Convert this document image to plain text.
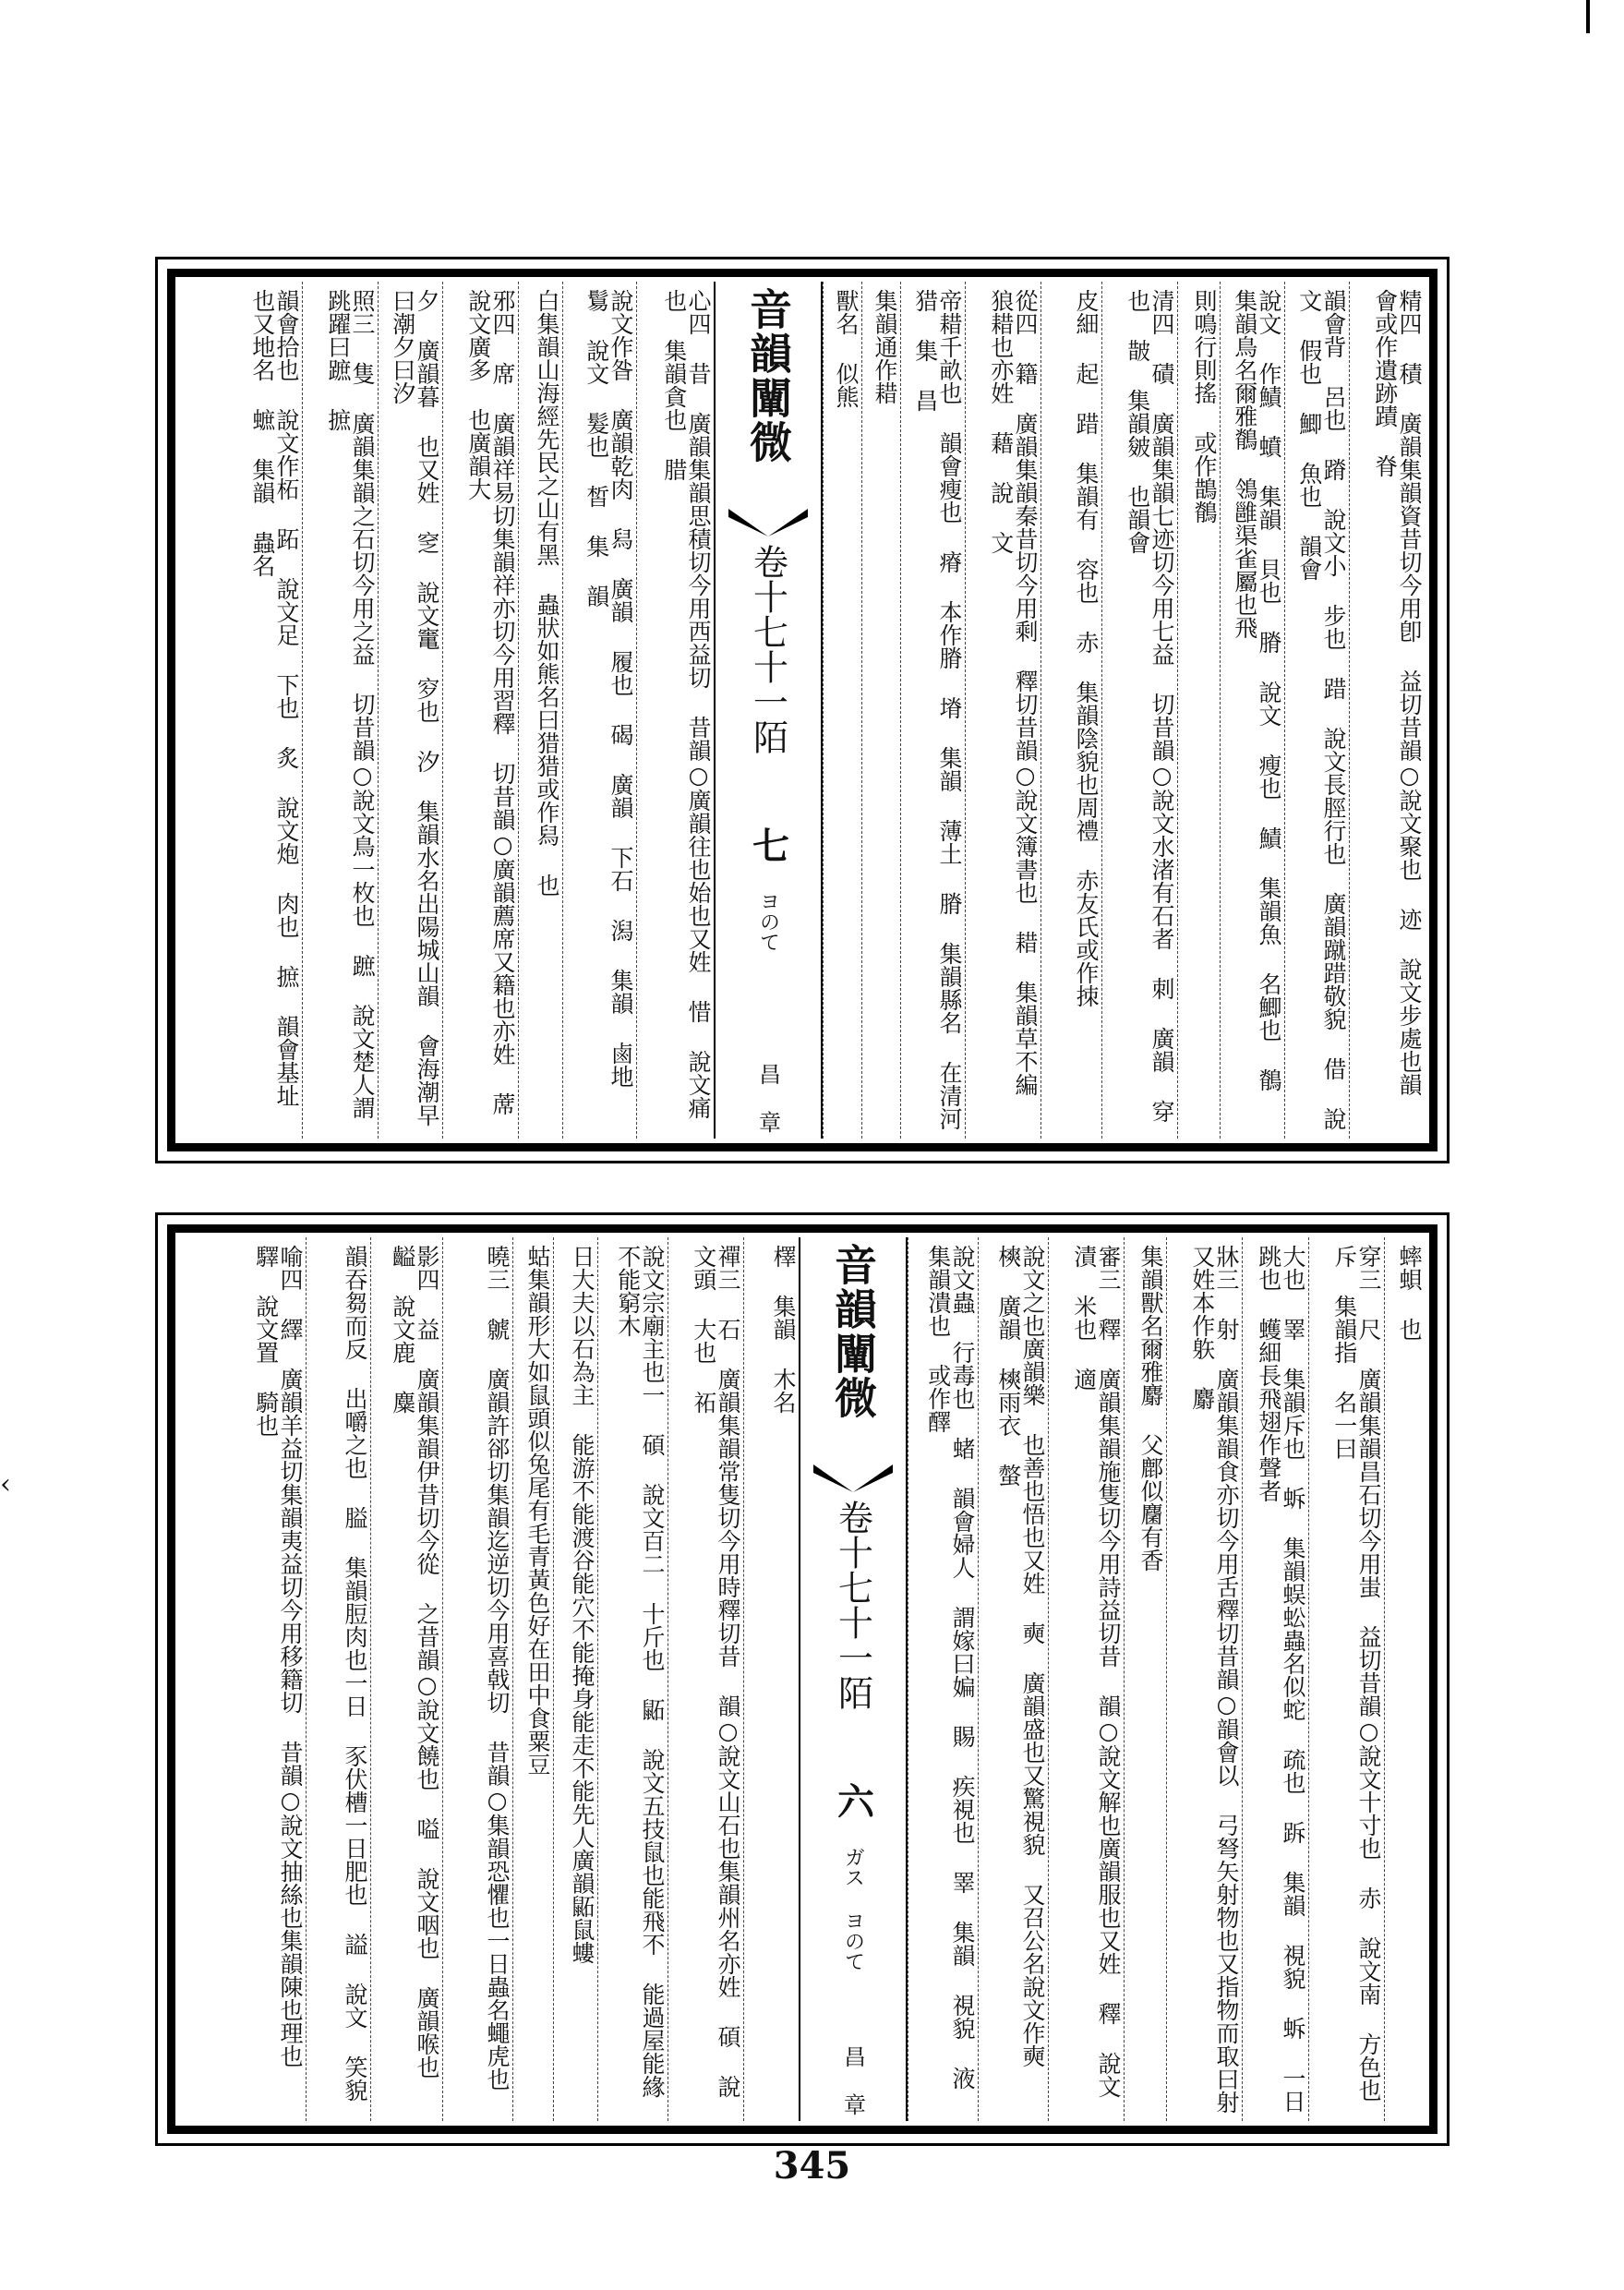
‹
精四 積 廣韻集韻資昔切今用卽 益切昔韻○說文聚也 迹 說文步處也韻 會或作遺跡蹟 脊
韻會背 呂也 蹐 說文小 步也 踖 說文長脛行也 廣韻蹴踖敬貌 借 說文 假也 鯽 魚也 韻會
說文 作鰿 蟦 集韻 貝也 膌 說文 瘦也 鰿 集韻魚 名鯽也 鶺 集韻鳥名爾雅鶺 鴒雝渠雀屬也飛
則鳴行則搖 或作鵲鶺
清四 磧 廣韻集韻七迹切今用七益 切昔韻○說文水渚有石者 刺 廣韻 穿也 皵 集韻皴 也韻會
皮細 起 踖 集韻有 容也 赤 集韻陰貌也周禮 赤友氏或作拺
從四 籍 廣韻集韻秦昔切今用剩 釋切昔韻○說文簿書也 耤 集韻草不編 狼耤也亦姓 藉 說 文
帝耤千畝也 韻會瘦也 瘠 本作膌 塉 集韻 薄土 膌 集韻縣名 在清河 猎 集 昌
集韻通作耤
獸名 似熊
音韻闡微
卷十七十一陌
七
ヨのて
昌 章
心四 昔 廣韻集韻思積切今用西益切 昔韻○廣韻往也始也又姓 惜 說文痛也 集韻貪也 腊
說文作昝 廣韻乾肉 舄 廣韻 履也 碣 廣韻 下石 潟 集韻 鹵地 鬄 說文 髮也 皙 集 韻
白集韻山海經先民之山有黑 蟲狀如熊名曰猎猎或作舄 也
邪四 席 廣韻祥易切集韻祥亦切今用習釋 切昔韻○廣韻薦席又籍也亦姓 蓆 說文廣多 也廣韻大
夕 廣韻暮 也又姓 窆 說文竃 穸也 汐 集韻水名出陽城山韻 會海潮早曰潮夕曰汐
照三 隻 廣韻集韻之石切今用之益 切昔韻○說文鳥一枚也 蹠 說文楚人謂 跳躍曰蹠 摭
韻會拾也 說文作柘 跖 說文足 下也 炙 說文炮 肉也 摭 韻會基址 也又地名 蟅 集韻 蟲名
蟀蛽 也
穿三 尺 廣韻集韻昌石切今用蚩 益切昔韻○說文十寸也 赤 說文南 方色也 斥 集韻指 名一曰
大也 睪 集韻斥也 蚸 集韻蜈蚣蟲名似蛇 疏也 跅 集韻 視貌 蚸 一日跳也 蠖細長飛翅作聲者
牀三 射 廣韻集韻食亦切今用舌釋切昔韻○韻會以 弓弩矢射物也又指物而取曰射又姓本作䠶 麝
集韻獸名爾雅麝 父鄜似麕有香
審三 釋 廣韻集韻施隻切今用詩益切昔 韻○說文解也廣韻服也又姓 釋 說文漬 米也 適
說文之也廣韻樂 也善也悟也又姓 奭 廣韻盛也又驚視貌 又召公名說文作奭 樉 廣韻 樉雨衣 螫
說文蟲 行毒也 蝫 韻會婦人 謂嫁曰媥 賜 疾視也 睪 集韻 視貌 液 集韻潰也 或作醳
音韻闡微
卷十七十一陌
六
ガス ヨのて
昌 章
檡 集韻 木名
禪三 石 廣韻集韻常隻切今用時釋切昔 韻○說文山石也集韻州名亦姓 碩 說文頭 大也 祏
說文宗廟主也一 碩 說文百二 十斤也 鼫 說文五技鼠也能飛不 能過屋能緣不能窮木
日大夫以石為主 能游不能渡谷能穴不能掩身能走不能先人廣韻鼫鼠螻
蛄集韻形大如鼠頭似兔尾有毛青黃色好在田中食粟豆
曉三 虩 廣韻許郤切集韻迄逆切今用喜戟切 昔韻○集韻恐懼也一日蟲名蠅虎也
影四 益 廣韻集韻伊昔切今從 之昔韻○說文饒也 嗌 說文咽也 廣韻喉也 齸 說文鹿 麋
韻吞芻而反 出嚼之也 膉 集韻脰肉也一日 豕伏槽一日肥也 謚 說文 笑貌
喻四 繹 廣韻羊益切集韻夷益切今用移籍切 昔韻○說文抽絲也集韻陳也理也 驛 說文置 騎也
345
